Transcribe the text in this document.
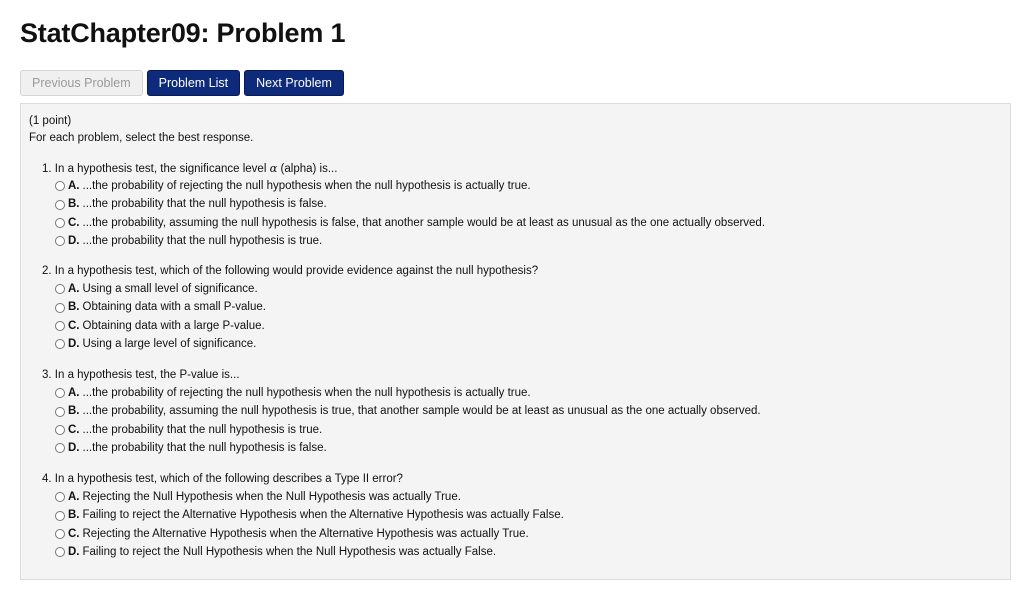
StatChapter09: Problem 1
Previous Problem	Problem List	Next Problem
(1 point)
For each problem, select the best response.
1. In a hypothesis test, the significance level α (alpha) is...
A. ...the probability of rejecting the null hypothesis when the null hypothesis is actually true.
B. ...the probability that the null hypothesis is false.
C. ...the probability, assuming the null hypothesis is false, that another sample would be at least as unusual as the one actually observed.
D. ...the probability that the null hypothesis is true.
2. In a hypothesis test, which of the following would provide evidence against the null hypothesis?
A. Using a small level of significance.
B. Obtaining data with a small P-value.
C. Obtaining data with a large P-value.
D. Using a large level of significance.
3. In a hypothesis test, the P-value is...
A. ...the probability of rejecting the null hypothesis when the null hypothesis is actually true.
B. ...the probability, assuming the null hypothesis is true, that another sample would be at least as unusual as the one actually observed.
C. ...the probability that the null hypothesis is true.
D. ...the probability that the null hypothesis is false.
4. In a hypothesis test, which of the following describes a Type II error?
A. Rejecting the Null Hypothesis when the Null Hypothesis was actually True.
B. Failing to reject the Alternative Hypothesis when the Alternative Hypothesis was actually False.
C. Rejecting the Alternative Hypothesis when the Alternative Hypothesis was actually True.
D. Failing to reject the Null Hypothesis when the Null Hypothesis was actually False.
